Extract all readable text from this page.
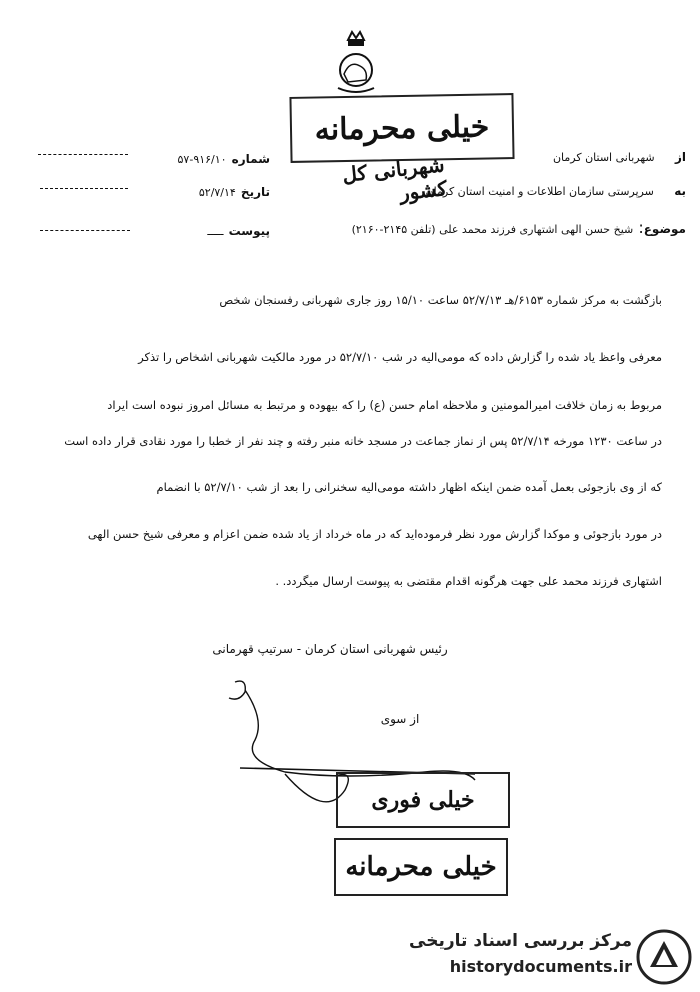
خیلی محرمانه
شهربانی کل کشور
شماره ۹۱۶/۱۰-۵۷
تاریخ ۵۲/۷/۱۴
پیوست ـــــ
از    شهربانی استان کرمان
به    سرپرستی سازمان اطلاعات و امنیت استان کرمان
موضوع: شیخ حسن الهی اشتهاری فرزند محمد علی (تلفن ۲۱۴۵-۲۱۶۰)
بازگشت به مرکز شماره ۶۱۵۳/هـ ۵۲/۷/۱۳ ساعت ۱۵/۱۰ روز جاری شهربانی رفسنجان شخص
معرفی واعظ یاد شده را گزارش داده که مومی‌الیه در شب ۵۲/۷/۱۰ در مورد مالکیت شهربانی اشخاص را تذکر
مربوط به زمان خلافت امیرالمومنین و ملاحظه امام حسن (ع) را که بیهوده و مرتبط به مسائل امروز نبوده است ایراد
در ساعت ۱۲۳۰ مورخه ۵۲/۷/۱۴ پس از نماز جماعت در مسجد خانه منبر رفته و چند نفر از خطبا را مورد نقادی قرار داده است
که از وی بازجوئی بعمل آمده ضمن اینکه اظهار داشته مومی‌الیه سخنرانی را بعد از شب ۵۲/۷/۱۰ با انضمام
در مورد بازجوئی و موکدا گزارش مورد نظر فرموده‌اید که در ماه خرداد از یاد شده ضمن اعزام و معرفی شیخ حسن الهی
اشتهاری فرزند محمد علی جهت هرگونه اقدام مقتضی به پیوست ارسال میگردد. .
رئیس شهربانی استان کرمان - سرتیپ قهرمانی
از سوی
خیلی فوری
خیلی محرمانه
مرکز بررسی اسناد تاریخی
historydocuments.ir
